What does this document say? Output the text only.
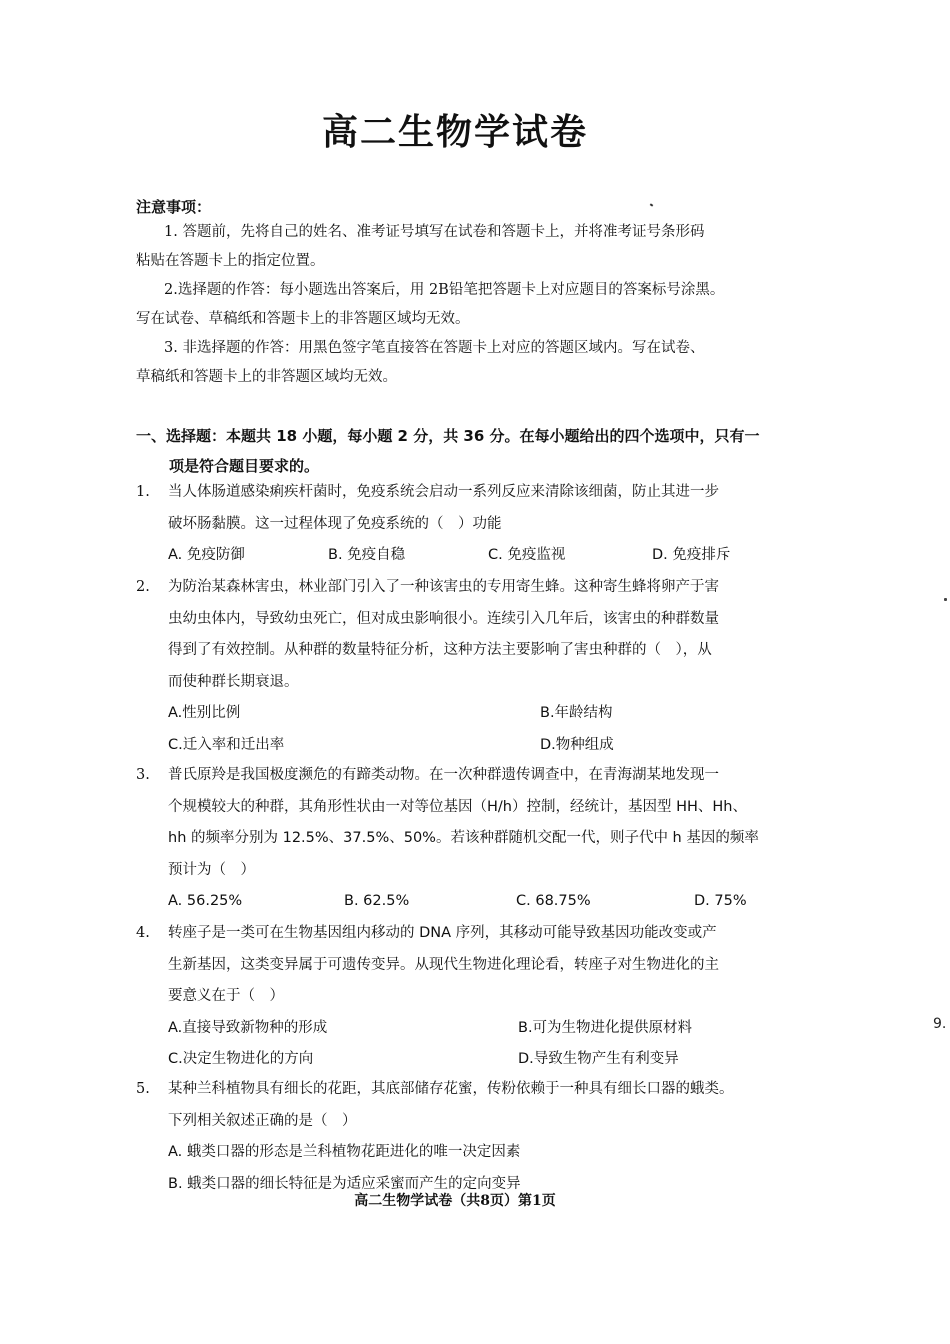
高二生物学试卷
注意事项：
1. 答题前，先将自己的姓名、准考证号填写在试卷和答题卡上，并将准考证号条形码
粘贴在答题卡上的指定位置。
2.选择题的作答：每小题选出答案后，用 2B铅笔把答题卡上对应题目的答案标号涂黑。
写在试卷、草稿纸和答题卡上的非答题区域均无效。
3. 非选择题的作答：用黑色签字笔直接答在答题卡上对应的答题区域内。写在试卷、
草稿纸和答题卡上的非答题区域均无效。
一、选择题：本题共 18 小题，每小题 2 分，共 36 分。在每小题给出的四个选项中，只有一
项是符合题目要求的。
1.	当人体肠道感染痢疾杆菌时，免疫系统会启动一系列反应来清除该细菌，防止其进一步
破坏肠黏膜。这一过程体现了免疫系统的（　）功能
A. 免疫防御	B. 免疫自稳	C. 免疫监视	D. 免疫排斥
2.	为防治某森林害虫，林业部门引入了一种该害虫的专用寄生蜂。这种寄生蜂将卵产于害
虫幼虫体内，导致幼虫死亡，但对成虫影响很小。连续引入几年后，该害虫的种群数量
得到了有效控制。从种群的数量特征分析，这种方法主要影响了害虫种群的（　），从
而使种群长期衰退。
A.性别比例	B.年龄结构
C.迁入率和迁出率	D.物种组成
3.	普氏原羚是我国极度濒危的有蹄类动物。在一次种群遗传调查中，在青海湖某地发现一
个规模较大的种群，其角形性状由一对等位基因（H/h）控制，经统计，基因型 HH、Hh、
hh 的频率分别为 12.5%、37.5%、50%。若该种群随机交配一代，则子代中 h 基因的频率
预计为（　）
A. 56.25%	B. 62.5%	C. 68.75%	D. 75%
4.	转座子是一类可在生物基因组内移动的 DNA 序列，其移动可能导致基因功能改变或产
生新基因，这类变异属于可遗传变异。从现代生物进化理论看，转座子对生物进化的主
要意义在于（　）
A.直接导致新物种的形成	B.可为生物进化提供原材料
C.决定生物进化的方向	D.导致生物产生有利变异
5.	某种兰科植物具有细长的花距，其底部储存花蜜，传粉依赖于一种具有细长口器的蛾类。
下列相关叙述正确的是（　）
A. 蛾类口器的形态是兰科植物花距进化的唯一决定因素
B. 蛾类口器的细长特征是为适应采蜜而产生的定向变异
高二生物学试卷（共8页）第1页
9.
